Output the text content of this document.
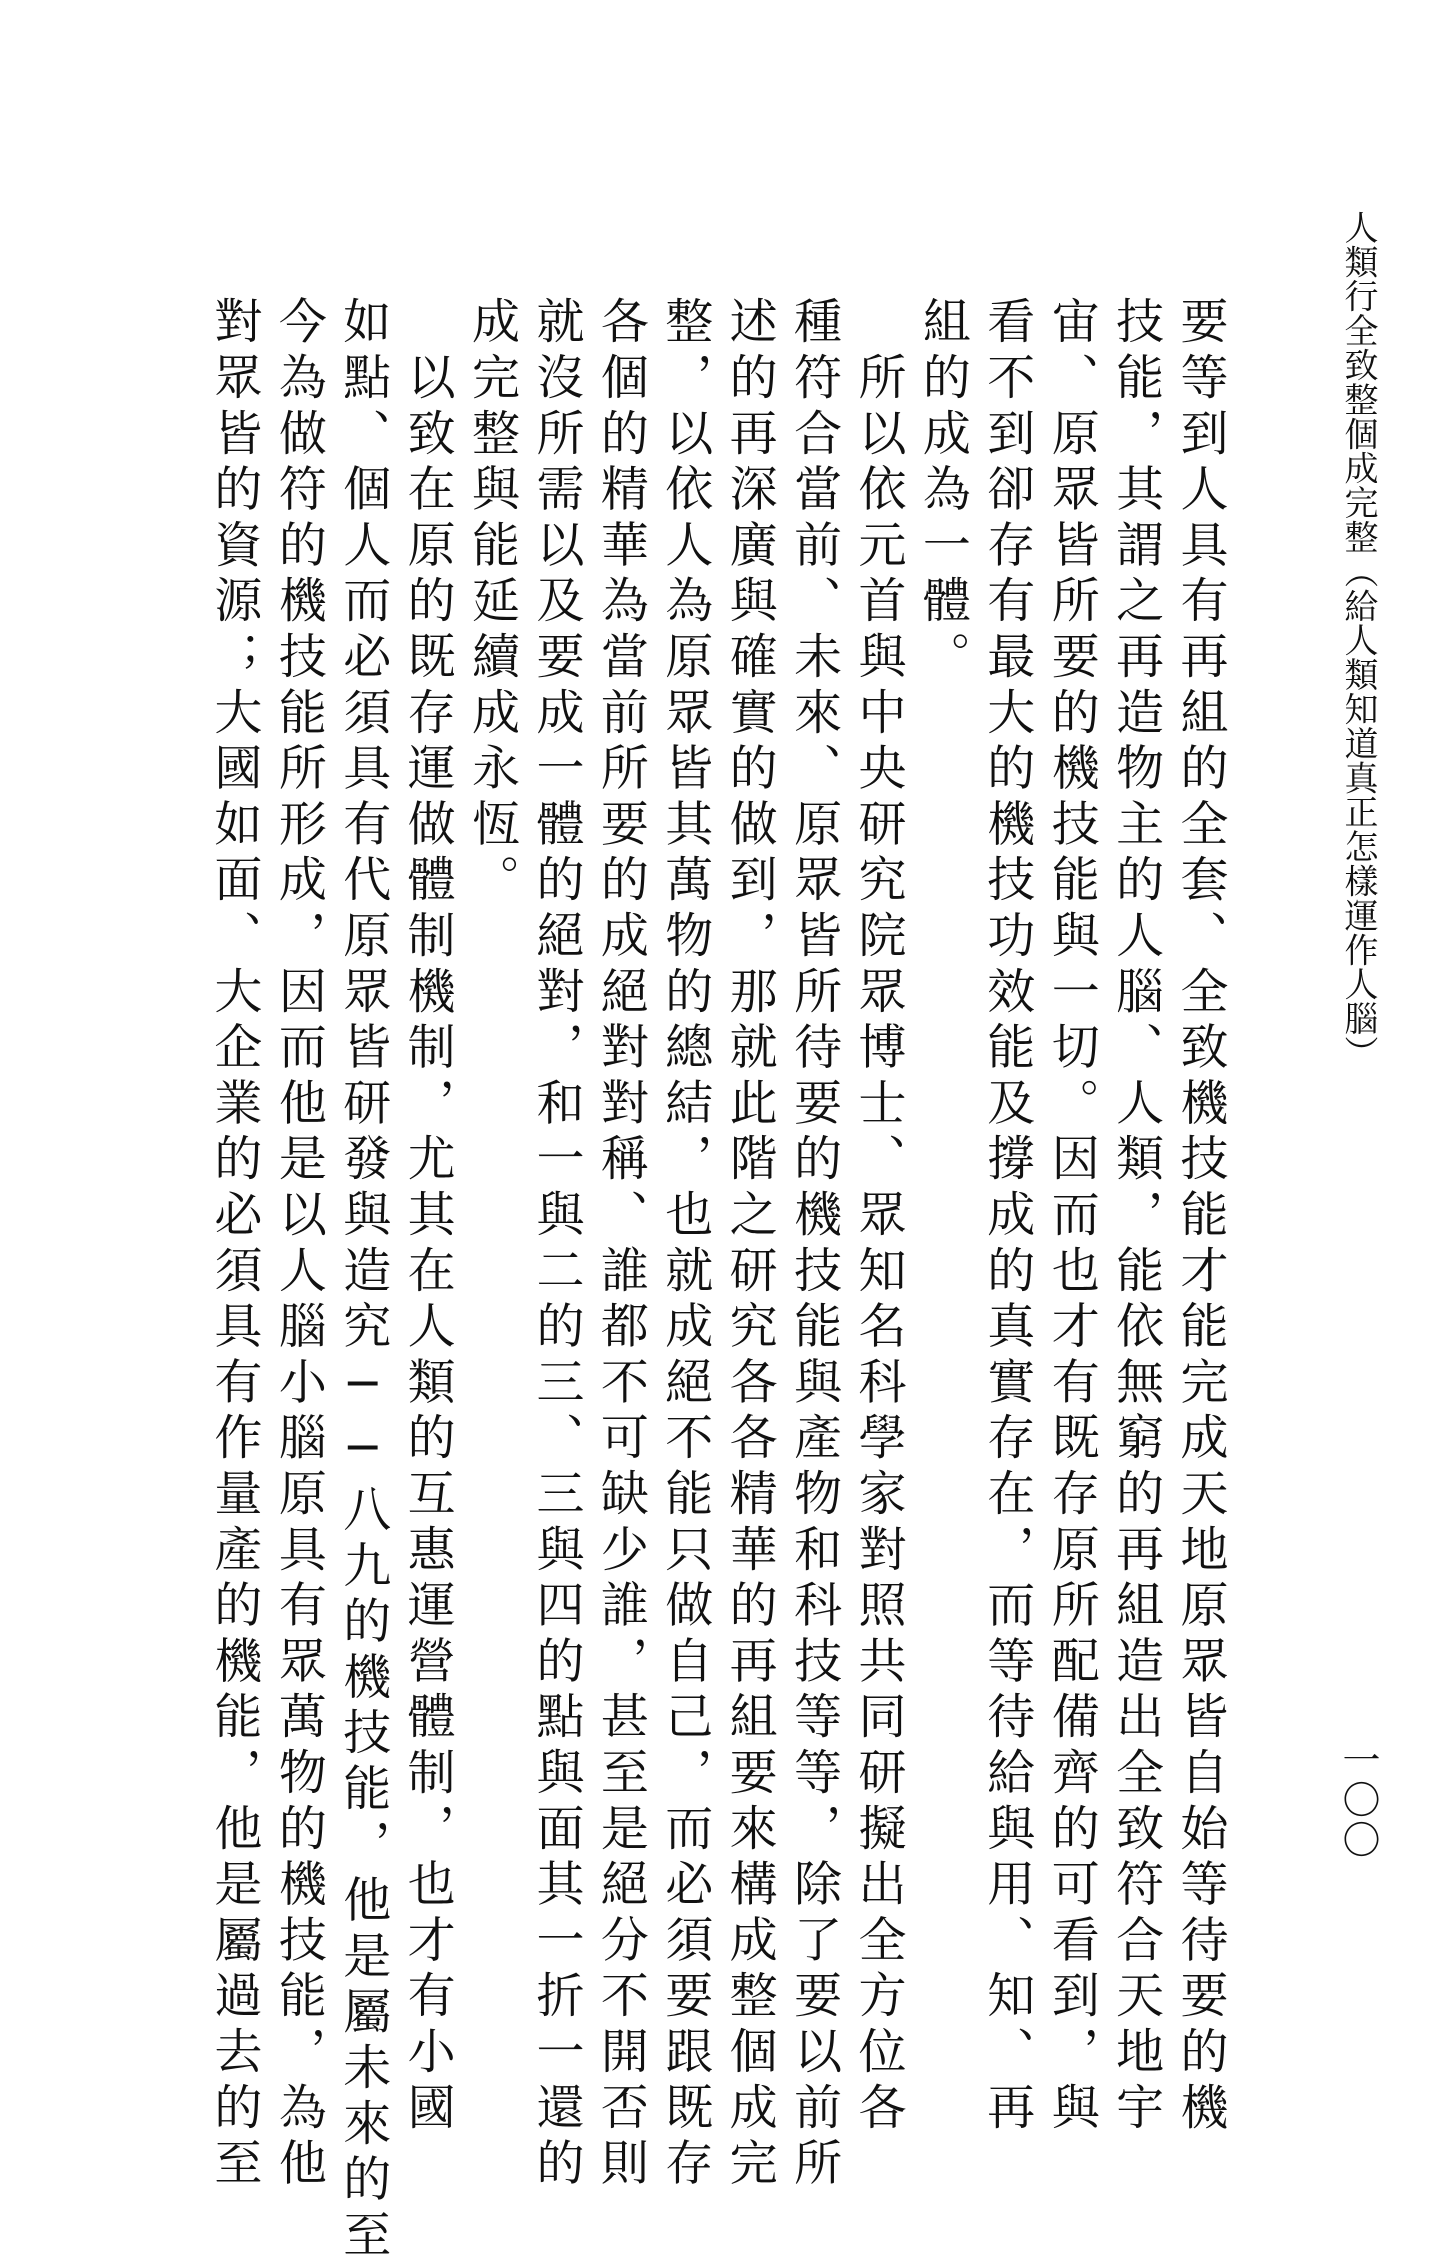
人類行全致整個成完整（給人類知道真正怎樣運作人腦）
一〇〇
要等到人具有再組的全套、全致機技能才能完成天地原眾皆自始等待要的機
技能，其謂之再造物主的人腦、人類，能依無窮的再組造出全致符合天地宇
宙、原眾皆所要的機技能與一切。因而也才有既存原所配備齊的可看到，與
看不到卻存有最大的機技功效能及撐成的真實存在，而等待給與用、知、再
組的成為一體。
　所以依元首與中央研究院眾博士、眾知名科學家對照共同研擬出全方位各
種符合當前、未來、原眾皆所待要的機技能與產物和科技等等，除了要以前所
述的再深廣與確實的做到，那就此階之研究各各精華的再組要來構成整個成完
整，以依人為原眾皆其萬物的總結，也就成絕不能只做自己，而必須要跟既存
各個的精華為當前所要的成絕對對稱、誰都不可缺少誰，甚至是絕分不開否則
就沒所需以及要成一體的絕對，和一與二的三、三與四的點與面其一折一還的
成完整與能延續成永恆。
　以致在原的既存運做體制機制，尤其在人類的互惠運營體制，也才有小國
如點、個人而必須具有代原眾皆研發與造究──八九的機技能，他是屬未來的至
今為做符的機技能所形成，因而他是以人腦小腦原具有眾萬物的機技能，為他
對眾皆的資源；大國如面、大企業的必須具有作量產的機能，他是屬過去的至
